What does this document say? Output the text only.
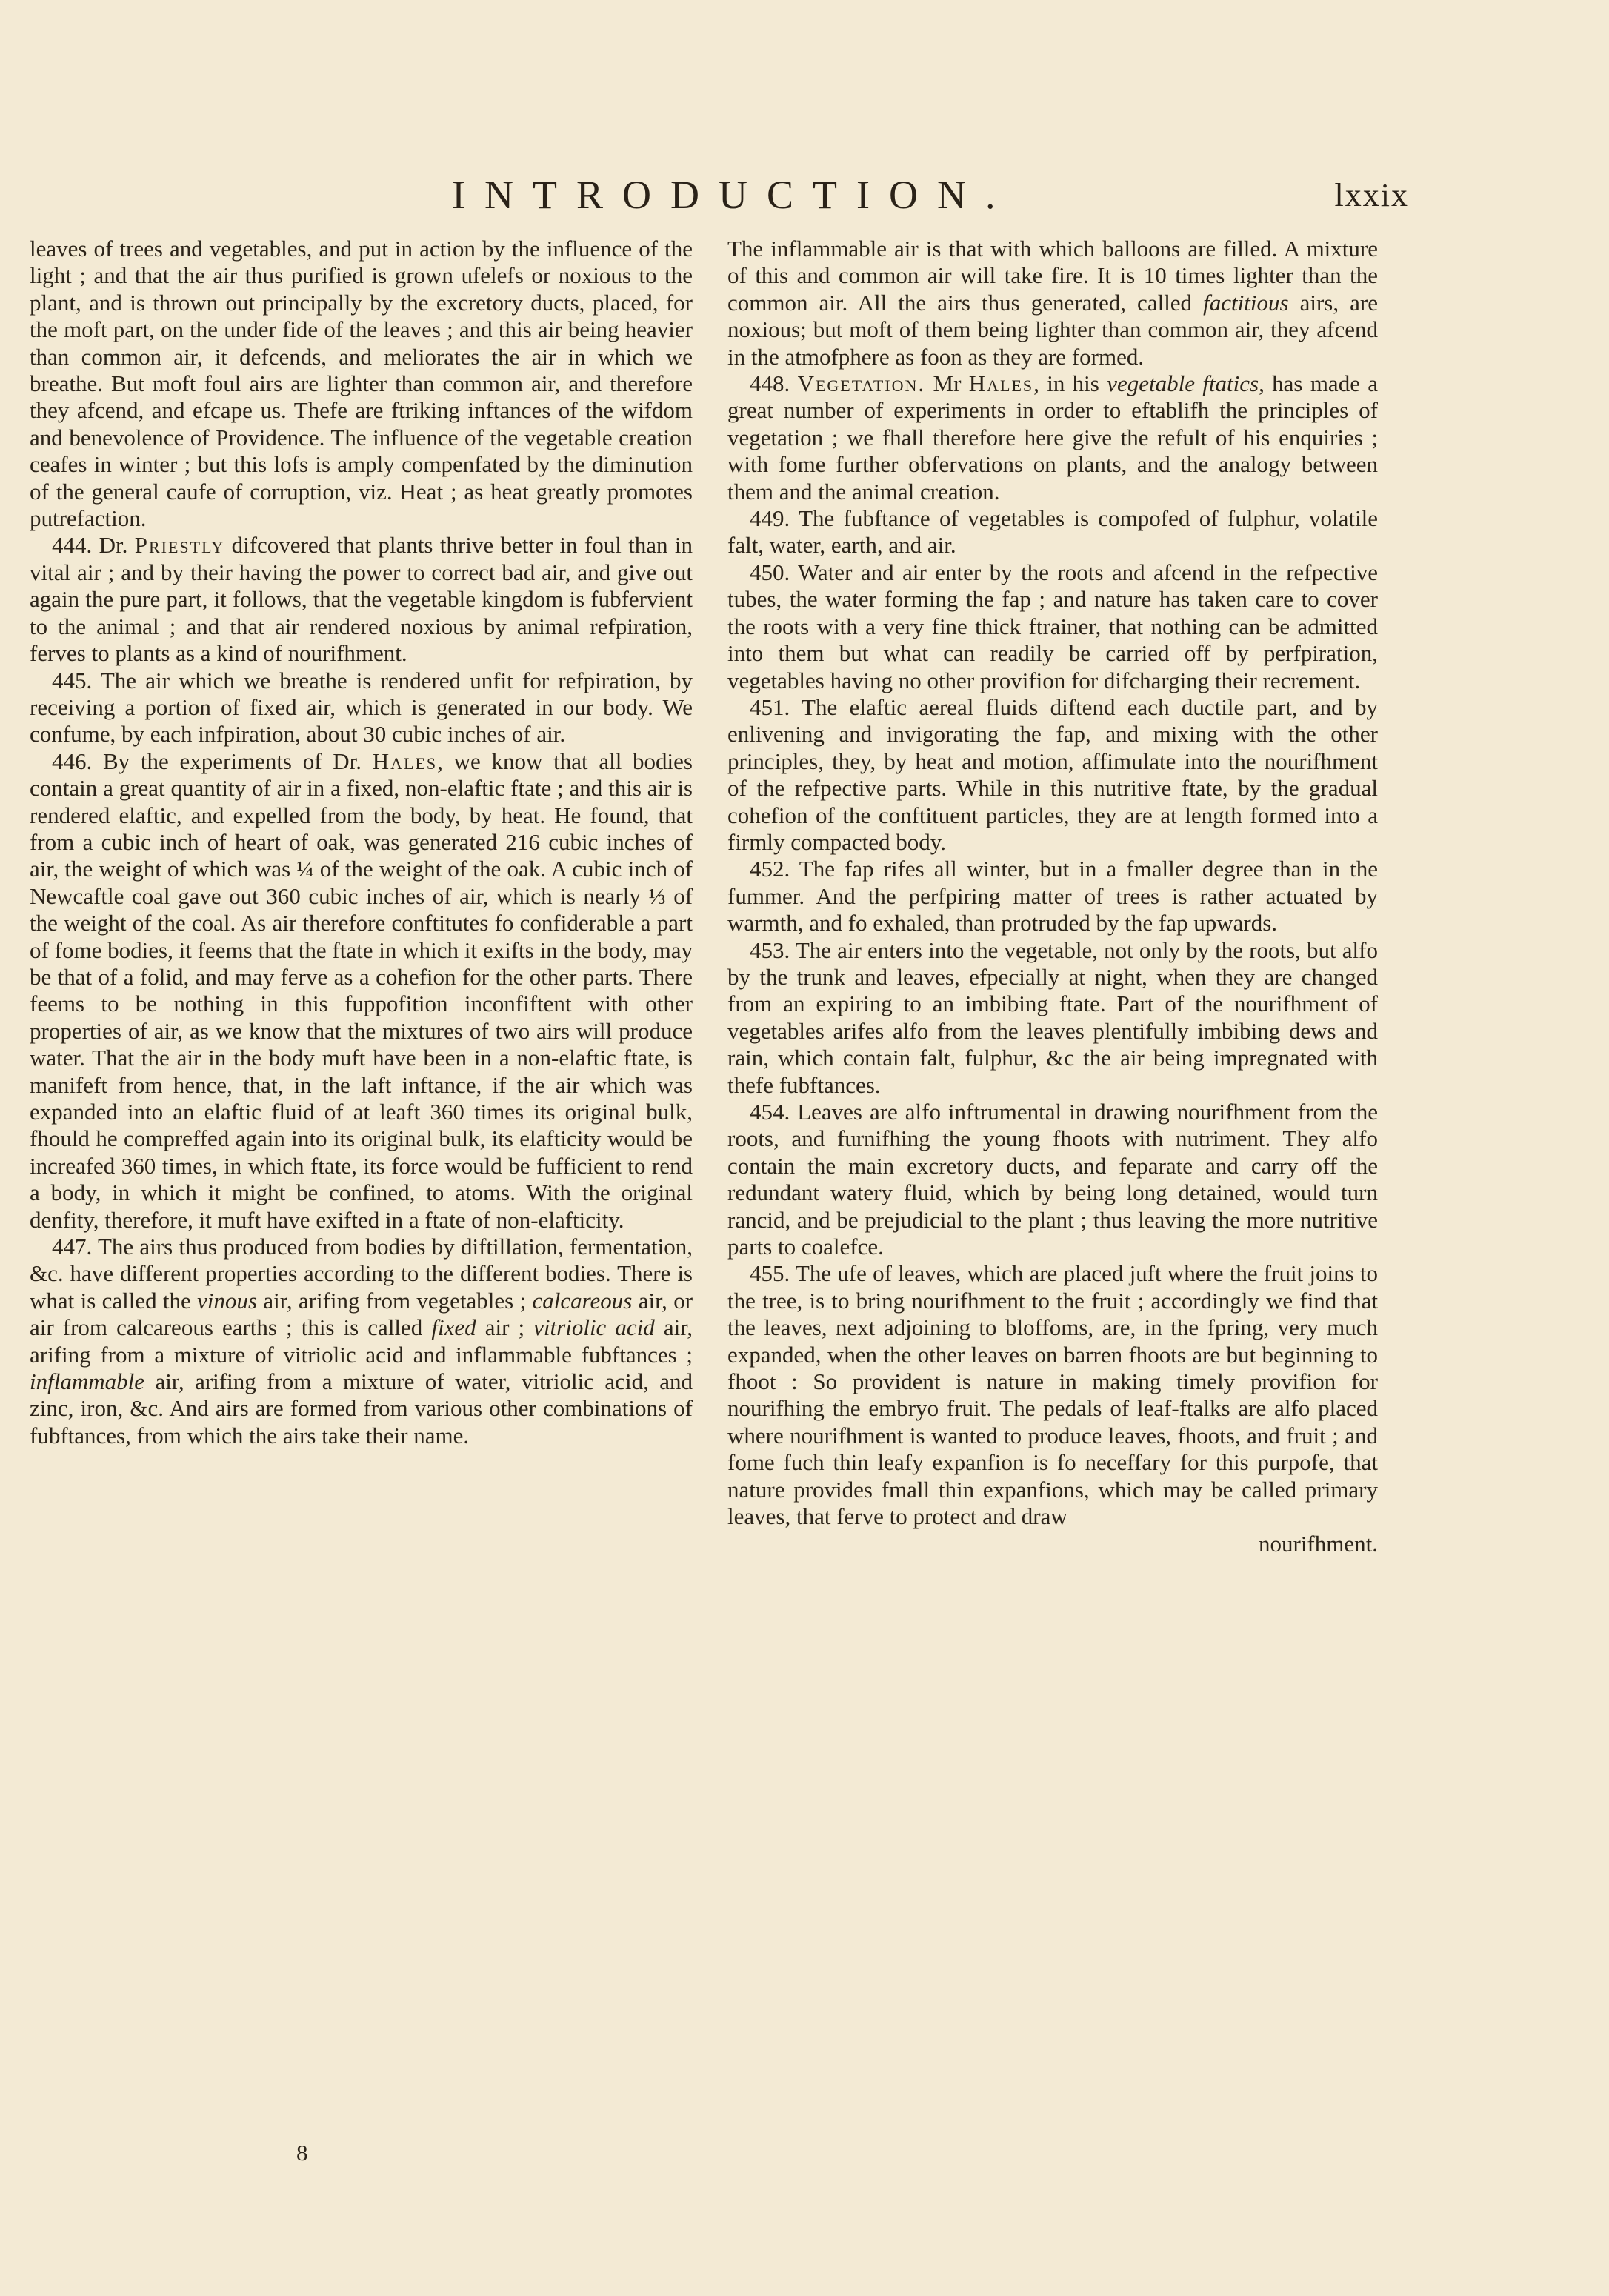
INTRODUCTION.	lxxix

leaves of trees and vegetables, and put in action by the influence of the light ; and that the air thus purified is grown ufelefs or noxious to the plant, and is thrown out principally by the excretory ducts, placed, for the moft part, on the under fide of the leaves ; and this air being heavier than common air, it defcends, and meliorates the air in which we breathe. But moft foul airs are lighter than common air, and therefore they afcend, and efcape us. Thefe are ftriking inftances of the wifdom and benevolence of Providence. The influence of the vegetable creation ceafes in winter ; but this lofs is amply compenfated by the diminution of the general caufe of corruption, viz. Heat ; as heat greatly promotes putrefaction.

444. Dr. Priestly difcovered that plants thrive better in foul than in vital air ; and by their having the power to correct bad air, and give out again the pure part, it follows, that the vegetable kingdom is fubfervient to the animal ; and that air rendered noxious by animal refpiration, ferves to plants as a kind of nourifhment.

445. The air which we breathe is rendered unfit for refpiration, by receiving a portion of fixed air, which is generated in our body. We confume, by each infpiration, about 30 cubic inches of air.

446. By the experiments of Dr. Hales, we know that all bodies contain a great quantity of air in a fixed, non-elaftic ftate ; and this air is rendered elaftic, and expelled from the body, by heat. He found, that from a cubic inch of heart of oak, was generated 216 cubic inches of air, the weight of which was ¼ of the weight of the oak. A cubic inch of Newcaftle coal gave out 360 cubic inches of air, which is nearly ⅓ of the weight of the coal. As air therefore conftitutes fo confiderable a part of fome bodies, it feems that the ftate in which it exifts in the body, may be that of a folid, and may ferve as a cohefion for the other parts. There feems to be nothing in this fuppofition inconfiftent with other properties of air, as we know that the mixtures of two airs will produce water. That the air in the body muft have been in a non-elaftic ftate, is manifeft from hence, that, in the laft inftance, if the air which was expanded into an elaftic fluid of at leaft 360 times its original bulk, fhould he compreffed again into its original bulk, its elafticity would be increafed 360 times, in which ftate, its force would be fufficient to rend a body, in which it might be confined, to atoms. With the original denfity, therefore, it muft have exifted in a ftate of non-elafticity.

447. The airs thus produced from bodies by diftillation, fermentation, &c. have different properties according to the different bodies. There is what is called the vinous air, arifing from vegetables ; calcareous air, or air from calcareous earths ; this is called fixed air ; vitriolic acid air, arifing from a mixture of vitriolic acid and inflammable fubftances ; inflammable air, arifing from a mixture of water, vitriolic acid, and zinc, iron, &c. And airs are formed from various other combinations of fubftances, from which the airs take their name.

8

The inflammable air is that with which balloons are filled. A mixture of this and common air will take fire. It is 10 times lighter than the common air. All the airs thus generated, called factitious airs, are noxious; but moft of them being lighter than common air, they afcend in the atmofphere as foon as they are formed.

448. Vegetation. Mr Hales, in his vegetable ftatics, has made a great number of experiments in order to eftablifh the principles of vegetation ; we fhall therefore here give the refult of his enquiries ; with fome further obfervations on plants, and the analogy between them and the animal creation.

449. The fubftance of vegetables is compofed of fulphur, volatile falt, water, earth, and air.

450. Water and air enter by the roots and afcend in the refpective tubes, the water forming the fap ; and nature has taken care to cover the roots with a very fine thick ftrainer, that nothing can be admitted into them but what can readily be carried off by perfpiration, vegetables having no other provifion for difcharging their recrement.

451. The elaftic aereal fluids diftend each ductile part, and by enlivening and invigorating the fap, and mixing with the other principles, they, by heat and motion, affimulate into the nourifhment of the refpective parts. While in this nutritive ftate, by the gradual cohefion of the conftituent particles, they are at length formed into a firmly compacted body.

452. The fap rifes all winter, but in a fmaller degree than in the fummer. And the perfpiring matter of trees is rather actuated by warmth, and fo exhaled, than protruded by the fap upwards.

453. The air enters into the vegetable, not only by the roots, but alfo by the trunk and leaves, efpecially at night, when they are changed from an expiring to an imbibing ftate. Part of the nourifhment of vegetables arifes alfo from the leaves plentifully imbibing dews and rain, which contain falt, fulphur, &c the air being impregnated with thefe fubftances.

454. Leaves are alfo inftrumental in drawing nourifhment from the roots, and furnifhing the young fhoots with nutriment. They alfo contain the main excretory ducts, and feparate and carry off the redundant watery fluid, which by being long detained, would turn rancid, and be prejudicial to the plant ; thus leaving the more nutritive parts to coalefce.

455. The ufe of leaves, which are placed juft where the fruit joins to the tree, is to bring nourifhment to the fruit ; accordingly we find that the leaves, next adjoining to bloffoms, are, in the fpring, very much expanded, when the other leaves on barren fhoots are but beginning to fhoot : So provident is nature in making timely provifion for nourifhing the embryo fruit. The pedals of leaf-ftalks are alfo placed where nourifhment is wanted to produce leaves, fhoots, and fruit ; and fome fuch thin leafy expanfion is fo neceffary for this purpofe, that nature provides fmall thin expanfions, which may be called primary leaves, that ferve to protect and draw

nourifhment.
